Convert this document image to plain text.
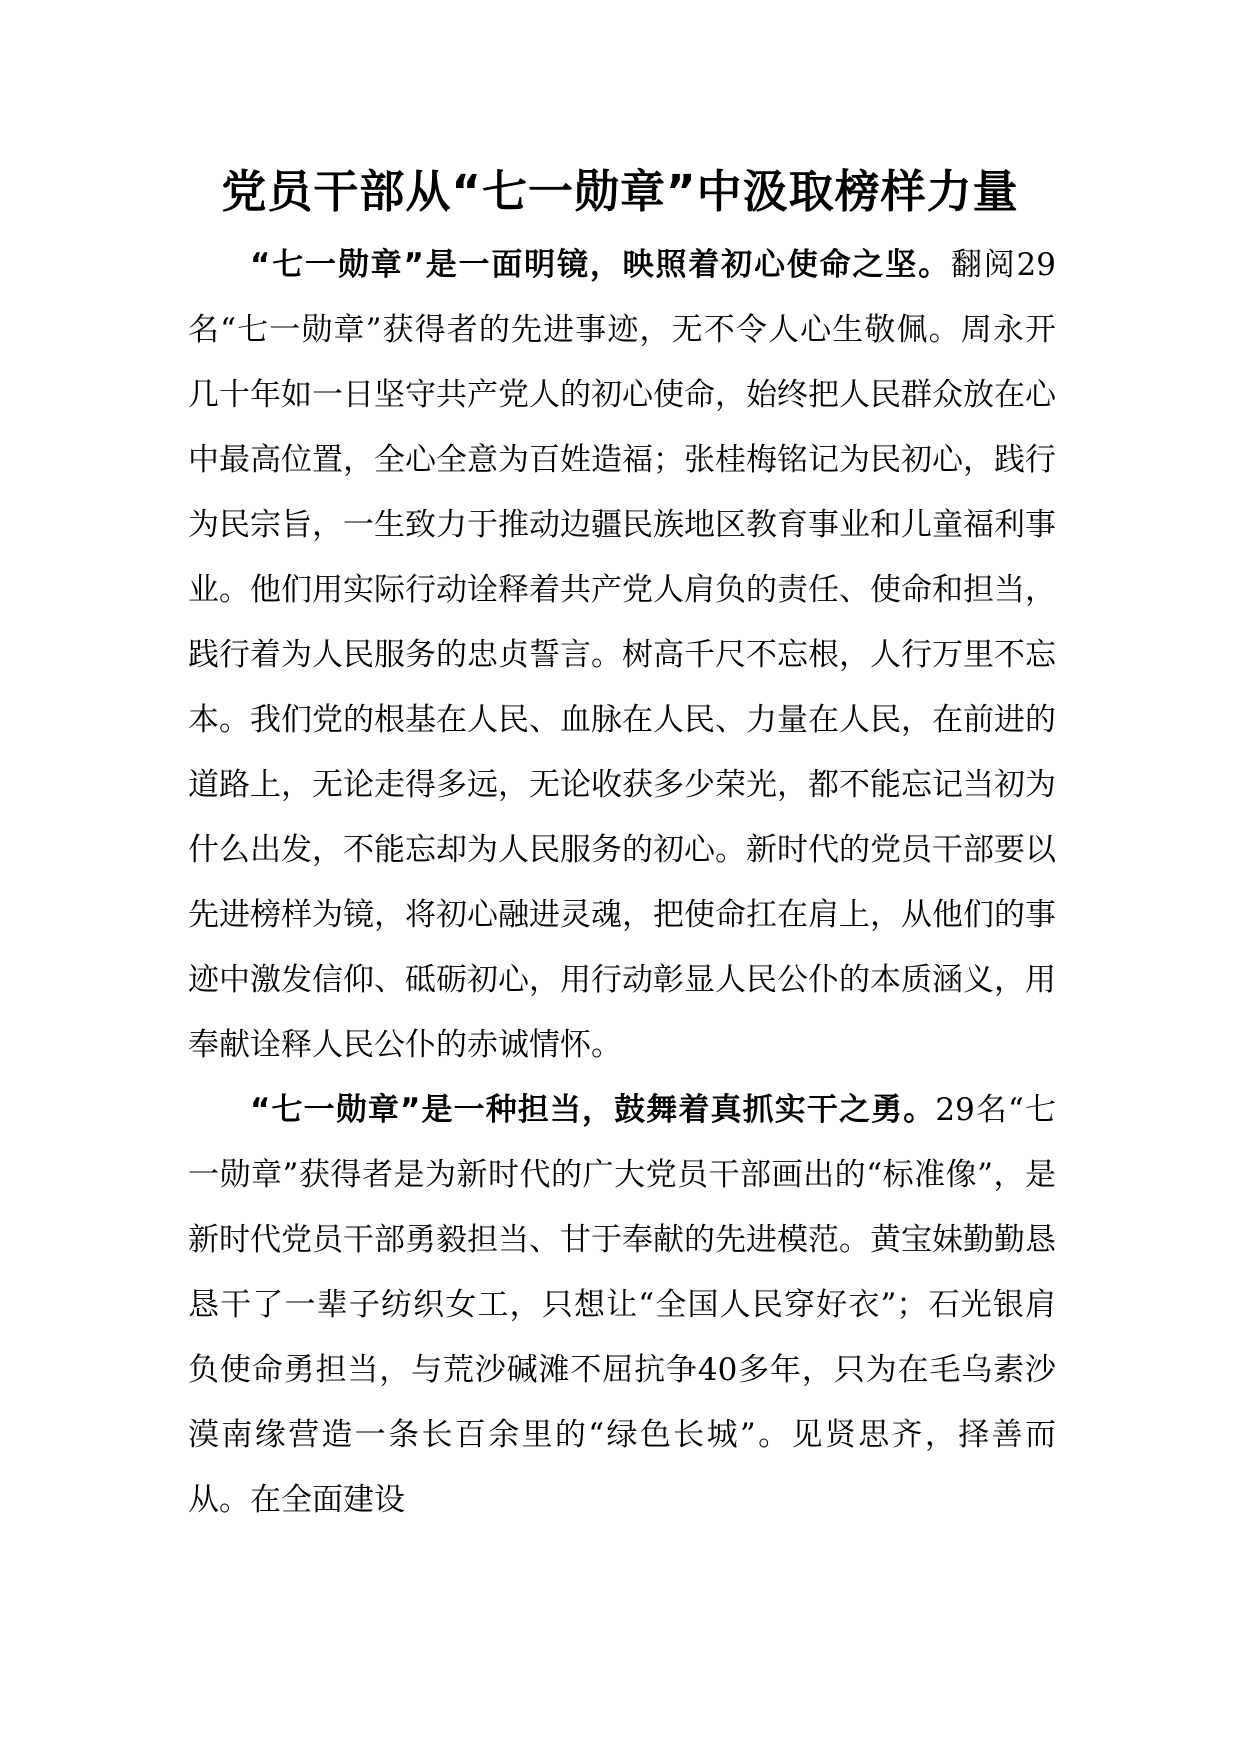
党员干部从“七一勋章”中汲取榜样力量

“七一勋章”是一面明镜，映照着初心使命之坚。翻阅29名“七一勋章”获得者的先进事迹，无不令人心生敬佩。周永开几十年如一日坚守共产党人的初心使命，始终把人民群众放在心中最高位置，全心全意为百姓造福；张桂梅铭记为民初心，践行为民宗旨，一生致力于推动边疆民族地区教育事业和儿童福利事业。他们用实际行动诠释着共产党人肩负的责任、使命和担当，践行着为人民服务的忠贞誓言。树高千尺不忘根，人行万里不忘本。我们党的根基在人民、血脉在人民、力量在人民，在前进的道路上，无论走得多远，无论收获多少荣光，都不能忘记当初为什么出发，不能忘却为人民服务的初心。新时代的党员干部要以先进榜样为镜，将初心融进灵魂，把使命扛在肩上，从他们的事迹中激发信仰、砥砺初心，用行动彰显人民公仆的本质涵义，用奉献诠释人民公仆的赤诚情怀。

“七一勋章”是一种担当，鼓舞着真抓实干之勇。29名“七一勋章”获得者是为新时代的广大党员干部画出的“标准像”，是新时代党员干部勇毅担当、甘于奉献的先进模范。黄宝妹勤勤恳恳干了一辈子纺织女工，只想让“全国人民穿好衣”；石光银肩负使命勇担当，与荒沙碱滩不屈抗争40多年，只为在毛乌素沙漠南缘营造一条长百余里的“绿色长城”。见贤思齐，择善而从。在全面建设
